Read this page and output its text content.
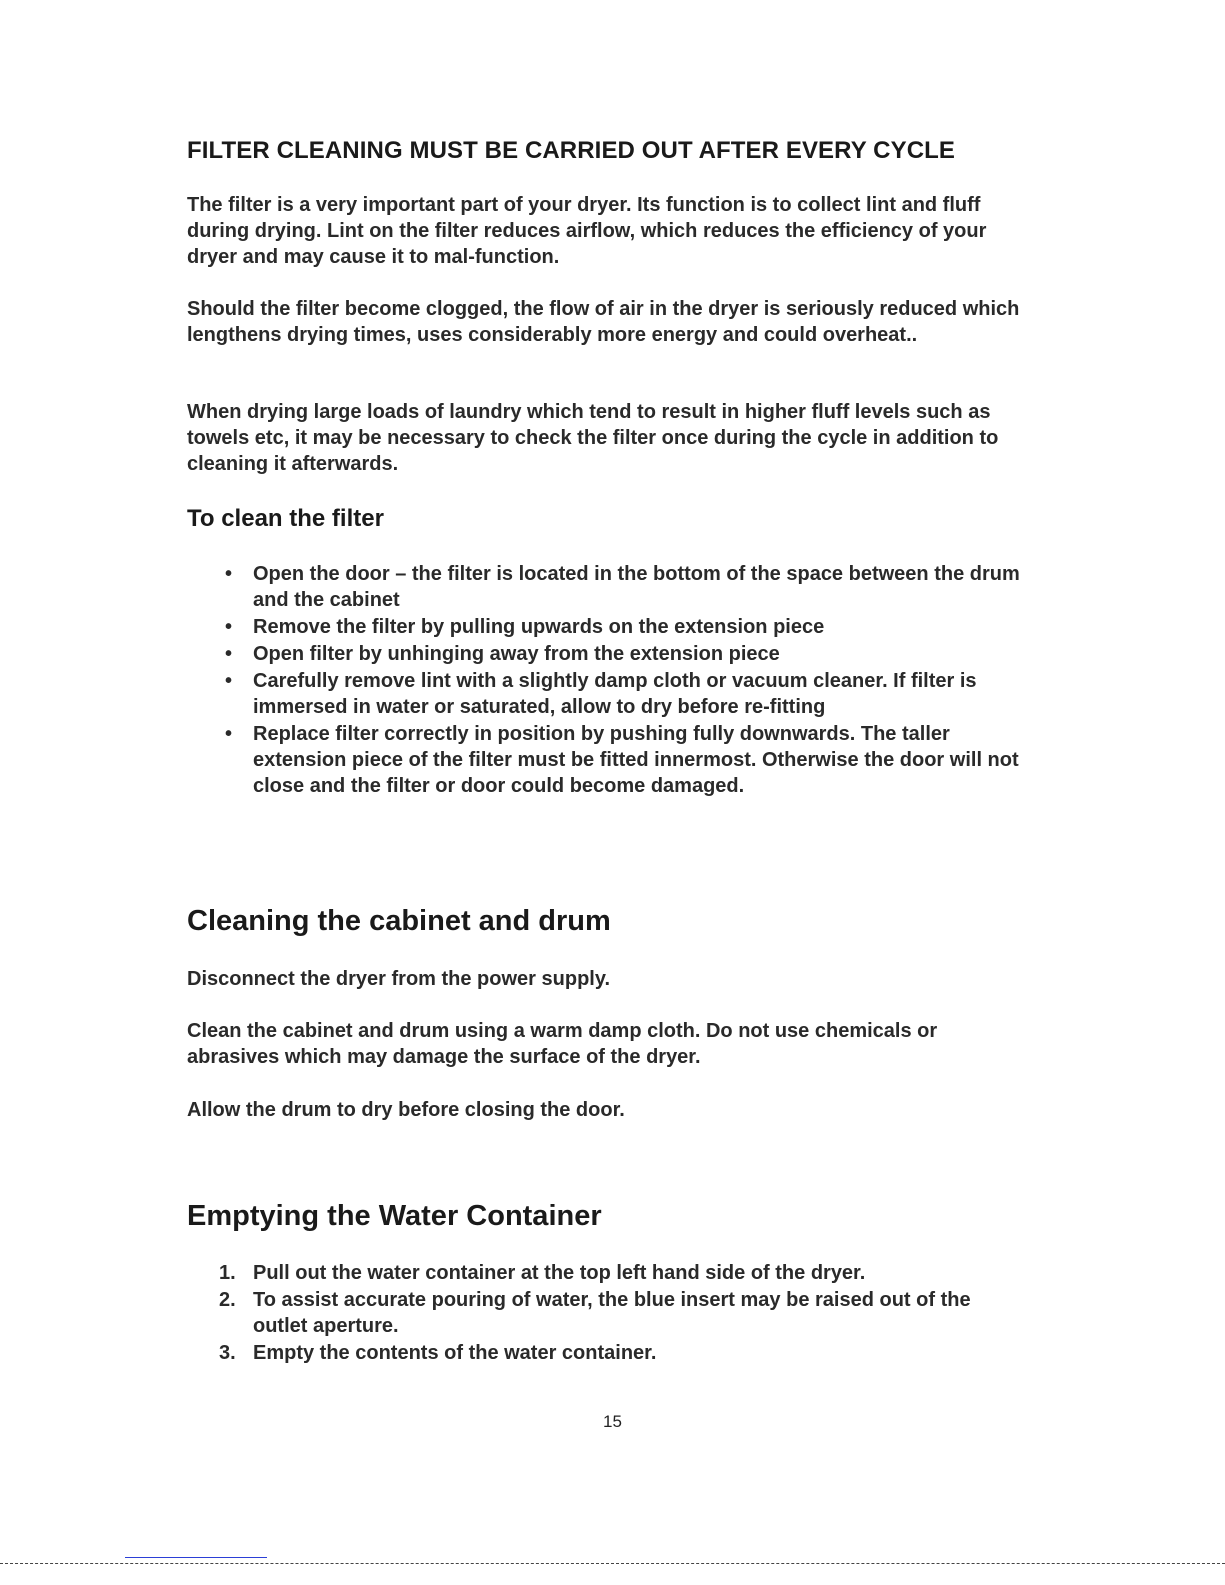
FILTER CLEANING MUST BE CARRIED OUT AFTER EVERY CYCLE

The filter is a very important part of your dryer. Its function is to collect lint and fluff during drying. Lint on the filter reduces airflow, which reduces the efficiency of your dryer and may cause it to mal-function.

Should the filter become clogged, the flow of air in the dryer is seriously reduced which lengthens drying times, uses considerably more energy and could overheat..

When drying large loads of laundry which tend to result in higher fluff levels such as towels etc, it may be necessary to check the filter once during the cycle in addition to cleaning it afterwards.

To clean the filter
•	Open the door – the filter is located in the bottom of the space between the drum and the cabinet
•	Remove the filter by pulling upwards on the extension piece
•	Open filter by unhinging away from the extension piece
•	Carefully remove lint with a slightly damp cloth or vacuum cleaner. If filter is immersed in water or saturated, allow to dry before re-fitting
•	Replace filter correctly in position by pushing fully downwards. The taller extension piece of the filter must be fitted innermost. Otherwise the door will not close and the filter or door could become damaged.
Cleaning the cabinet and drum

Disconnect the dryer from the power supply.

Clean the cabinet and drum using a warm damp cloth. Do not use chemicals or abrasives which may damage the surface of the dryer.

Allow the drum to dry before closing the door.

Emptying the Water Container
1. Pull out the water container at the top left hand side of the dryer.
2. To assist accurate pouring of water, the blue insert may be raised out of the outlet aperture.
3. Empty the contents of the water container.
15
